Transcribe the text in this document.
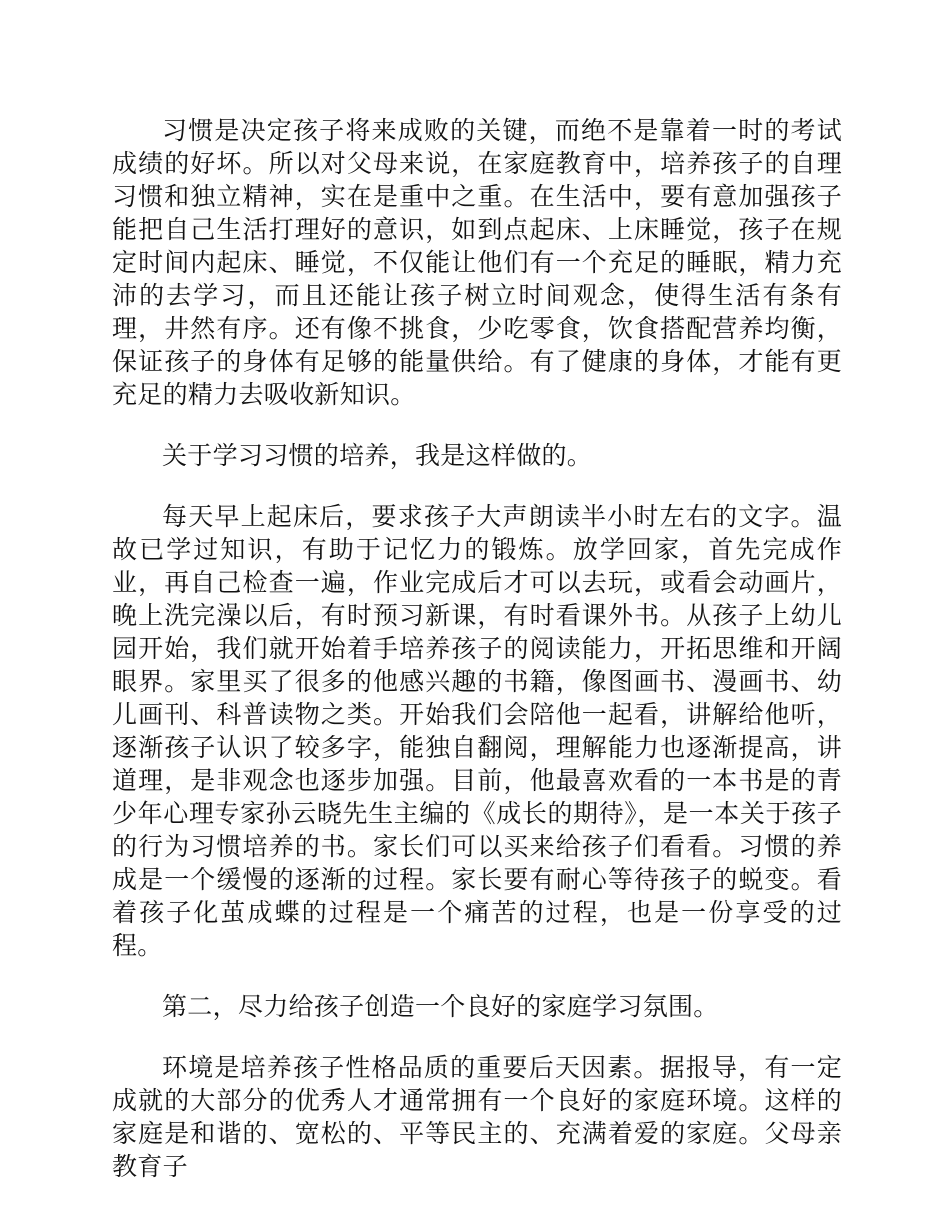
习惯是决定孩子将来成败的关键，而绝不是靠着一时的考试成绩的好坏。所以对父母来说，在家庭教育中，培养孩子的自理习惯和独立精神，实在是重中之重。在生活中，要有意加强孩子能把自己生活打理好的意识，如到点起床、上床睡觉，孩子在规定时间内起床、睡觉，不仅能让他们有一个充足的睡眠，精力充沛的去学习，而且还能让孩子树立时间观念，使得生活有条有理，井然有序。还有像不挑食，少吃零食，饮食搭配营养均衡，保证孩子的身体有足够的能量供给。有了健康的身体，才能有更充足的精力去吸收新知识。

关于学习习惯的培养，我是这样做的。

每天早上起床后，要求孩子大声朗读半小时左右的文字。温故已学过知识，有助于记忆力的锻炼。放学回家，首先完成作业，再自己检查一遍，作业完成后才可以去玩，或看会动画片，晚上洗完澡以后，有时预习新课，有时看课外书。从孩子上幼儿园开始，我们就开始着手培养孩子的阅读能力，开拓思维和开阔眼界。家里买了很多的他感兴趣的书籍，像图画书、漫画书、幼儿画刊、科普读物之类。开始我们会陪他一起看，讲解给他听，逐渐孩子认识了较多字，能独自翻阅，理解能力也逐渐提高，讲道理，是非观念也逐步加强。目前，他最喜欢看的一本书是的青少年心理专家孙云晓先生主编的《成长的期待》，是一本关于孩子的行为习惯培养的书。家长们可以买来给孩子们看看。习惯的养成是一个缓慢的逐渐的过程。家长要有耐心等待孩子的蜕变。看着孩子化茧成蝶的过程是一个痛苦的过程，也是一份享受的过程。

第二，尽力给孩子创造一个良好的家庭学习氛围。

环境是培养孩子性格品质的重要后天因素。据报导，有一定成就的大部分的优秀人才通常拥有一个良好的家庭环境。这样的家庭是和谐的、宽松的、平等民主的、充满着爱的家庭。父母亲教育子
